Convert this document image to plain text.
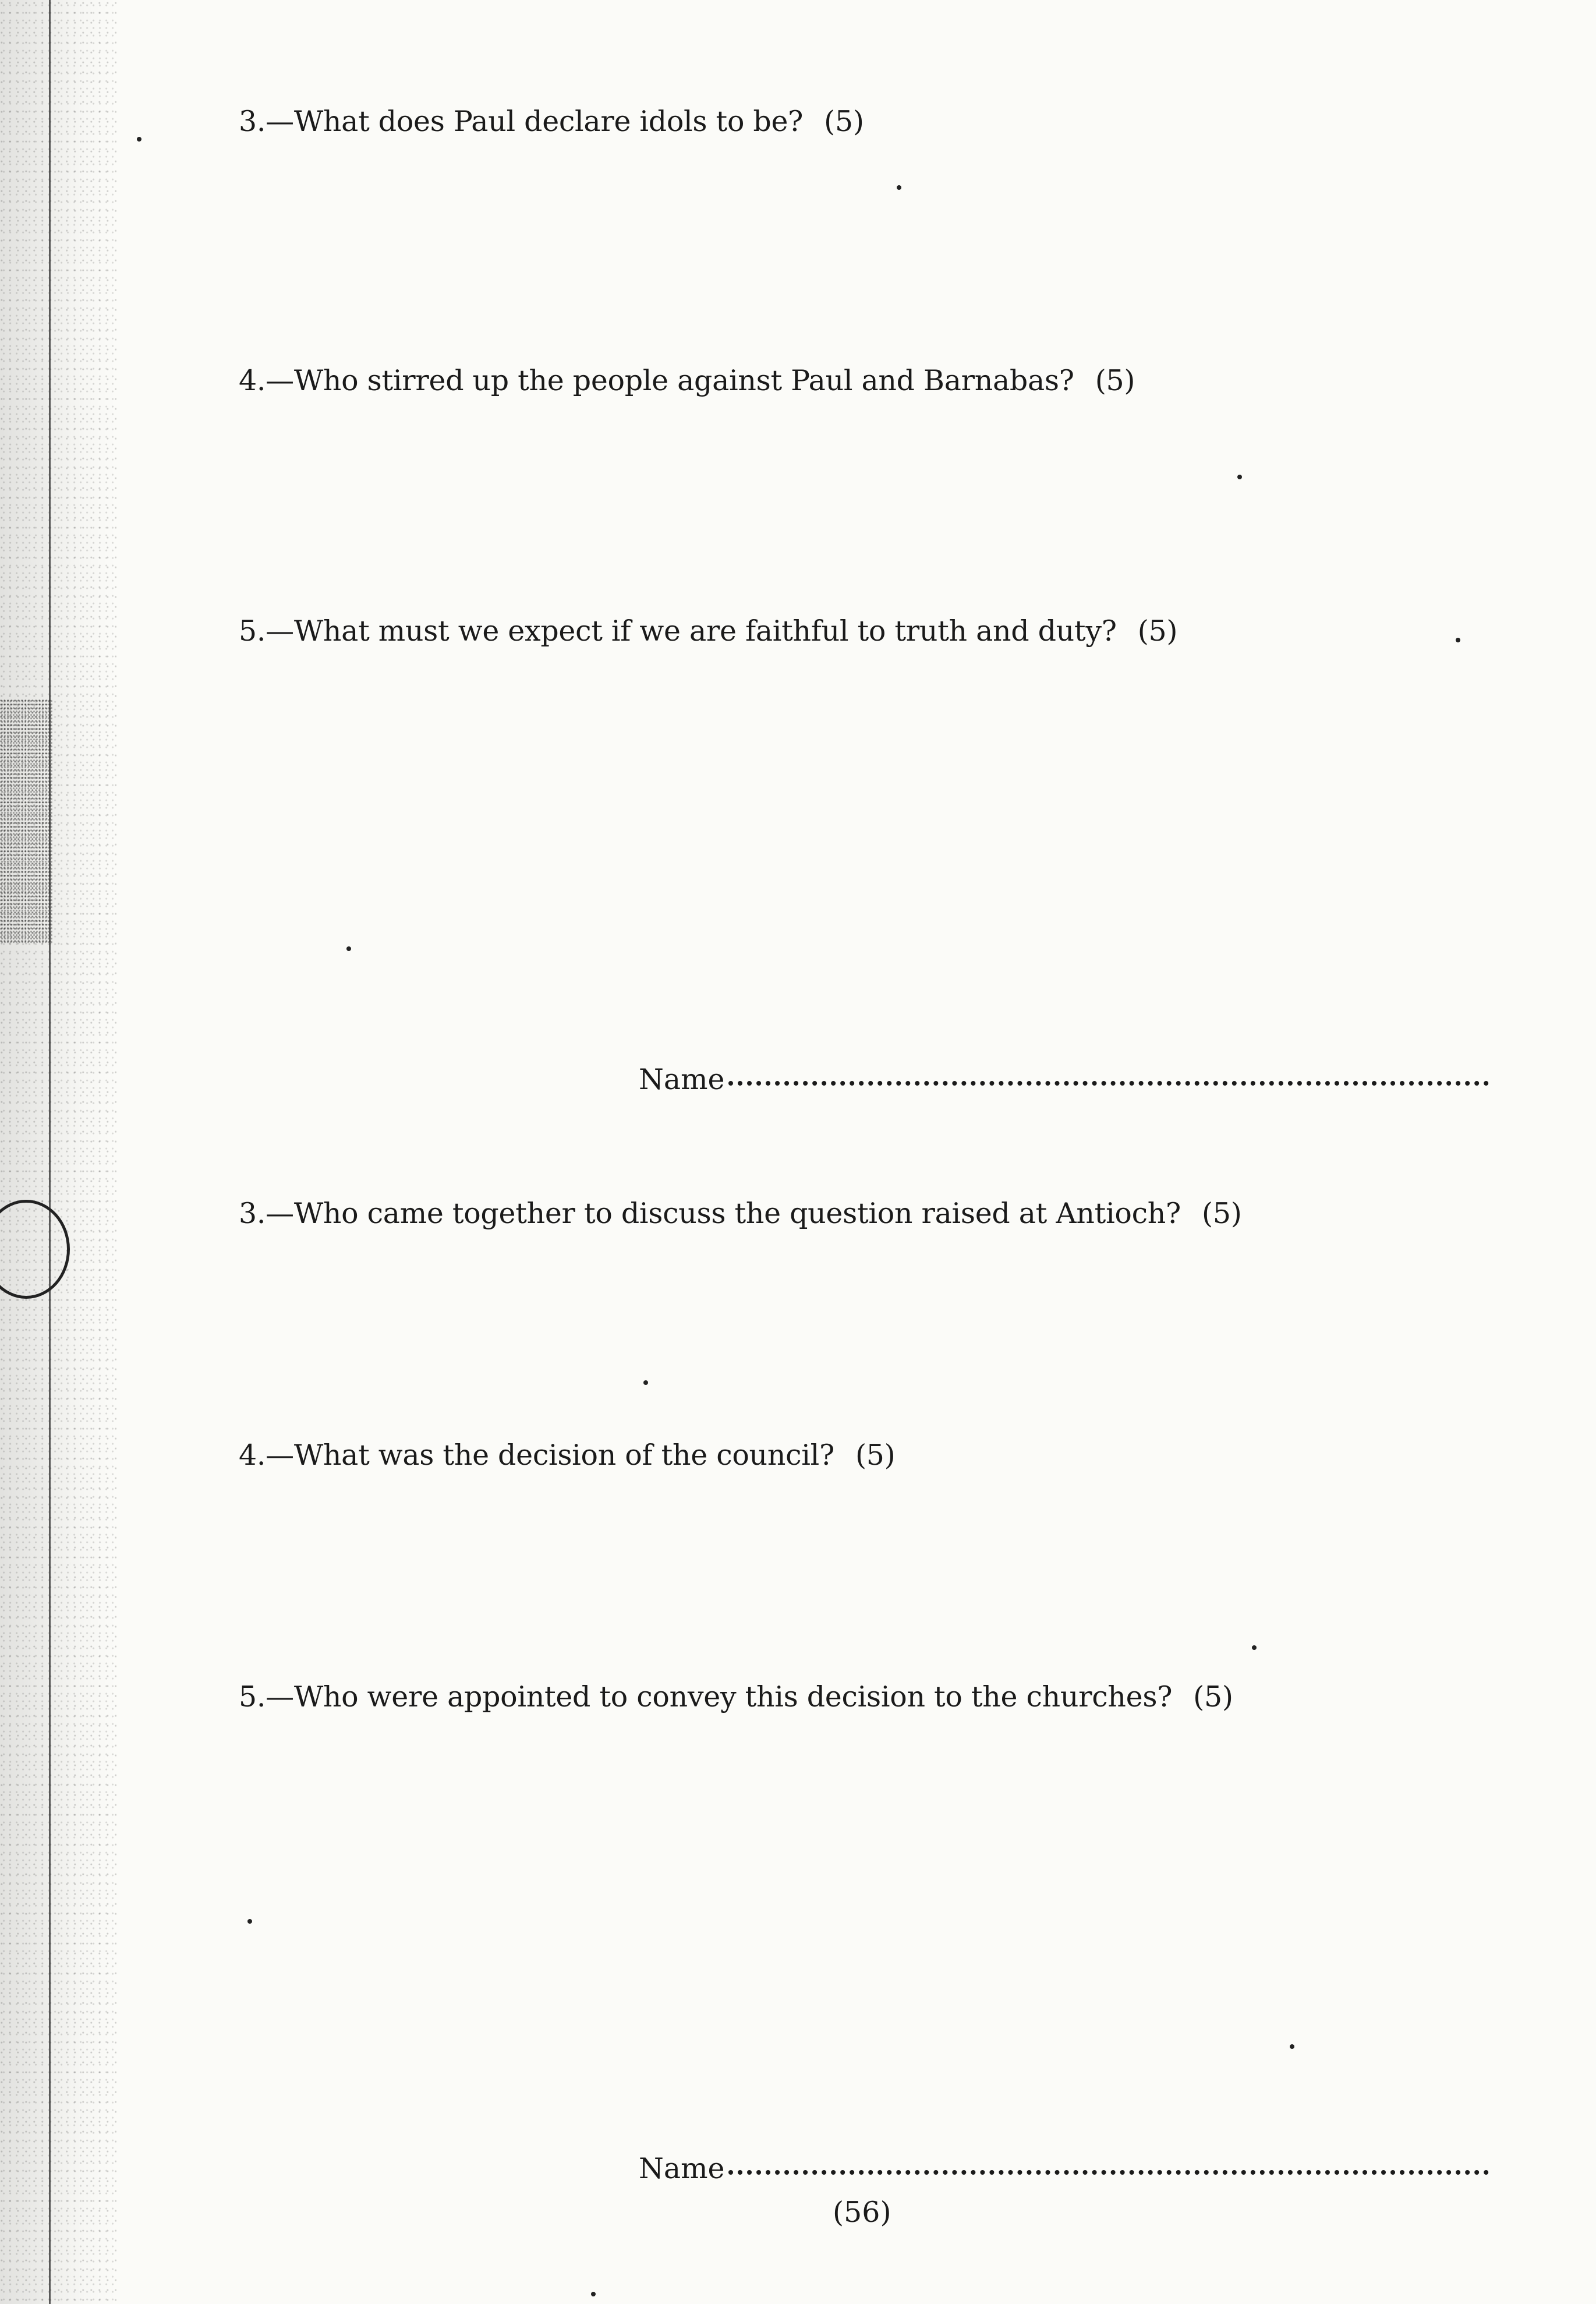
3.—What does Paul declare idols to be? (5)
4.—Who stirred up the people against Paul and Barnabas? (5)
5.—What must we expect if we are faithful to truth and duty? (5)
Name
3.—Who came together to discuss the question raised at Antioch? (5)
4.—What was the decision of the council? (5)
5.—Who were appointed to convey this decision to the churches? (5)
Name
(56)
